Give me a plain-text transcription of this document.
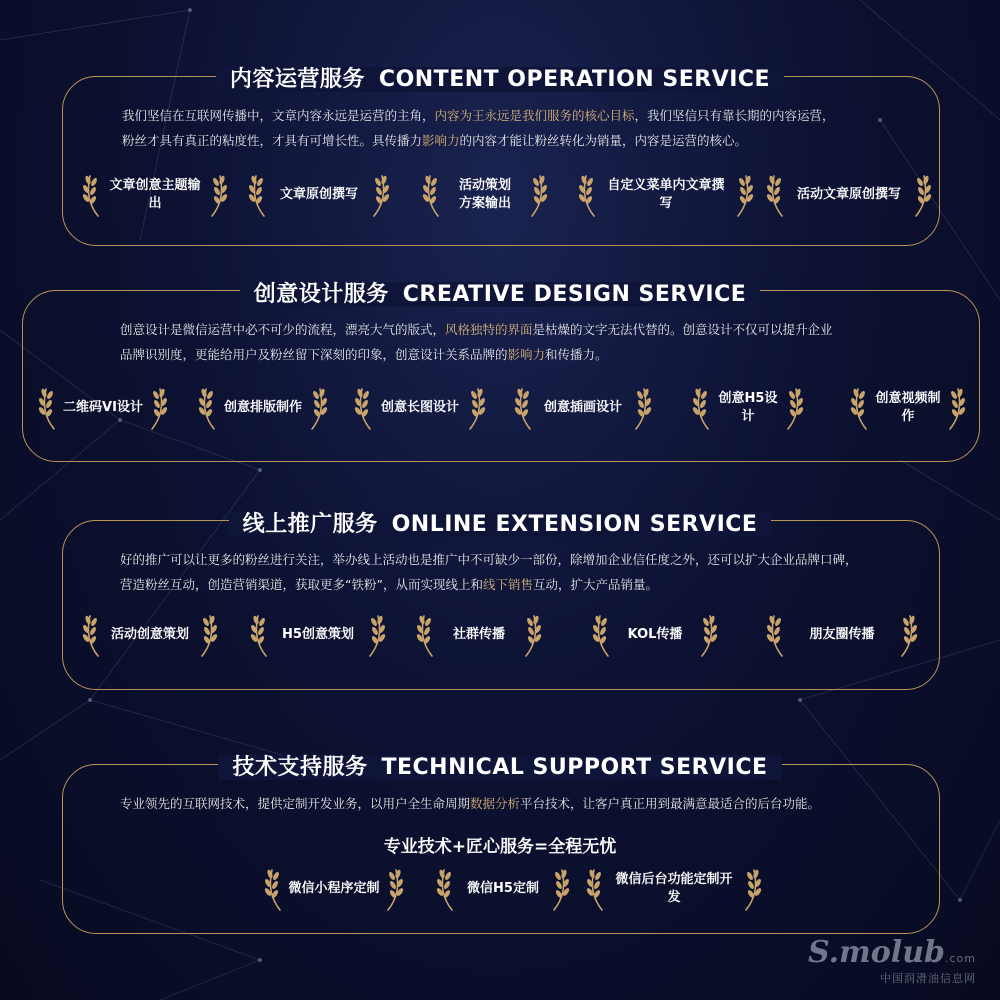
内容运营服务 CONTENT OPERATION SERVICE
我们坚信在互联网传播中，文章内容永远是运营的主角，内容为王永远是我们服务的核心目标，我们坚信只有靠长期的内容运营，
粉丝才具有真正的粘度性，才具有可增长性。具传播力影响力的内容才能让粉丝转化为销量，内容是运营的核心。
文章创意主题输出
文章原创撰写
活动策划
方案输出
自定义菜单内文章撰写
活动文章原创撰写
创意设计服务 CREATIVE DESIGN SERVICE
创意设计是微信运营中必不可少的流程，漂亮大气的版式，风格独特的界面是枯燥的文字无法代替的。创意设计不仅可以提升企业
品牌识别度，更能给用户及粉丝留下深刻的印象，创意设计关系品牌的影响力和传播力。
二维码VI设计	创意排版制作	创意长图设计	创意插画设计
创意H5设计
创意视频制作
线上推广服务 ONLINE EXTENSION SERVICE
好的推广可以让更多的粉丝进行关注，举办线上活动也是推广中不可缺少一部份，除增加企业信任度之外，还可以扩大企业品牌口碑，
营造粉丝互动，创造营销渠道，获取更多“铁粉”，从而实现线上和线下销售互动，扩大产品销量。
活动创意策划	H5创意策划	社群传播	KOL传播	朋友圈传播
技术支持服务 TECHNICAL SUPPORT SERVICE
专业领先的互联网技术，提供定制开发业务，以用户全生命周期数据分析平台技术，让客户真正用到最满意最适合的后台功能。
专业技术+匠心服务=全程无忧
微信小程序定制	微信H5定制
微信后台功能定制开发
S.molub.com
中国润滑油信息网
